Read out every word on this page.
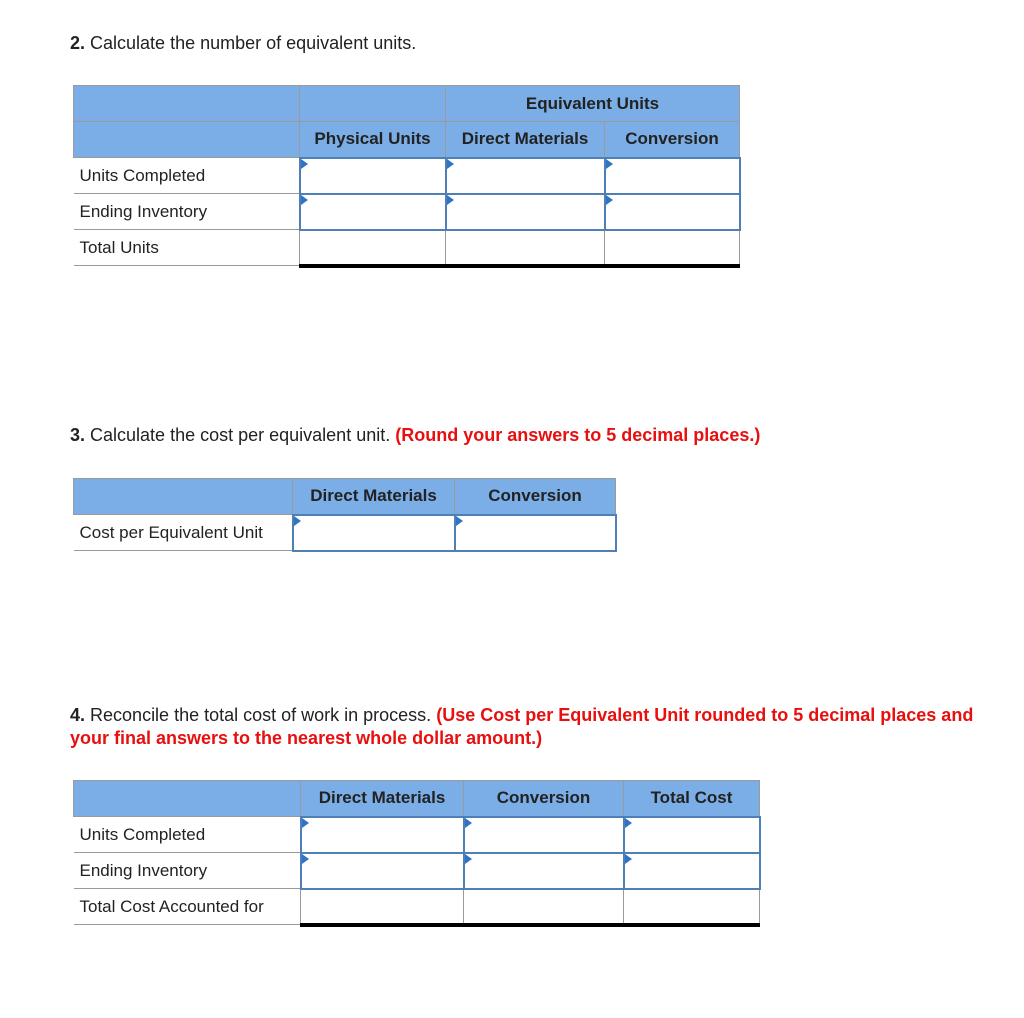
2. Calculate the number of equivalent units.
		Equivalent Units	
	Physical Units	Direct Materials	Conversion
Units Completed			
Ending Inventory			
Total Units			
3. Calculate the cost per equivalent unit. (Round your answers to 5 decimal places.)
	Direct Materials	Conversion
Cost per Equivalent Unit		
4. Reconcile the total cost of work in process. (Use Cost per Equivalent Unit rounded to 5 decimal places and your final answers to the nearest whole dollar amount.)
	Direct Materials	Conversion	Total Cost
Units Completed			
Ending Inventory			
Total Cost Accounted for			
